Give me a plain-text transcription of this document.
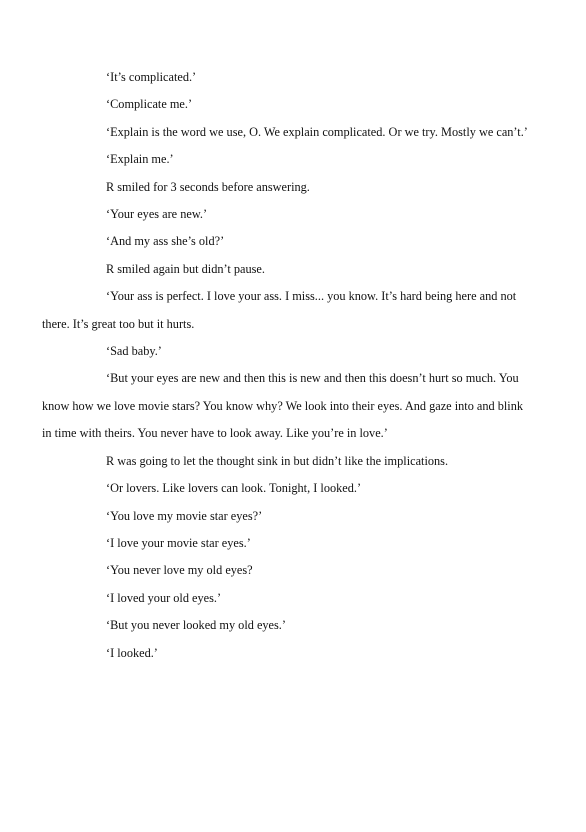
‘It’s complicated.’

‘Complicate me.’

‘Explain is the word we use, O. We explain complicated. Or we try. Mostly we can’t.’

‘Explain me.’

R smiled for 3 seconds before answering.

‘Your eyes are new.’

‘And my ass she’s old?’

R smiled again but didn’t pause.

‘Your ass is perfect. I love your ass. I miss... you know. It’s hard being here and not there. It’s great too but it hurts.

‘Sad baby.’

‘But your eyes are new and then this is new and then this doesn’t hurt so much. You know how we love movie stars? You know why? We look into their eyes. And gaze into and blink in time with theirs. You never have to look away. Like you’re in love.’

R was going to let the thought sink in but didn’t like the implications.

‘Or lovers. Like lovers can look. Tonight, I looked.’

‘You love my movie star eyes?’

‘I love your movie star eyes.’

‘You never love my old eyes?

‘I loved your old eyes.’

‘But you never looked my old eyes.’

‘I looked.’
